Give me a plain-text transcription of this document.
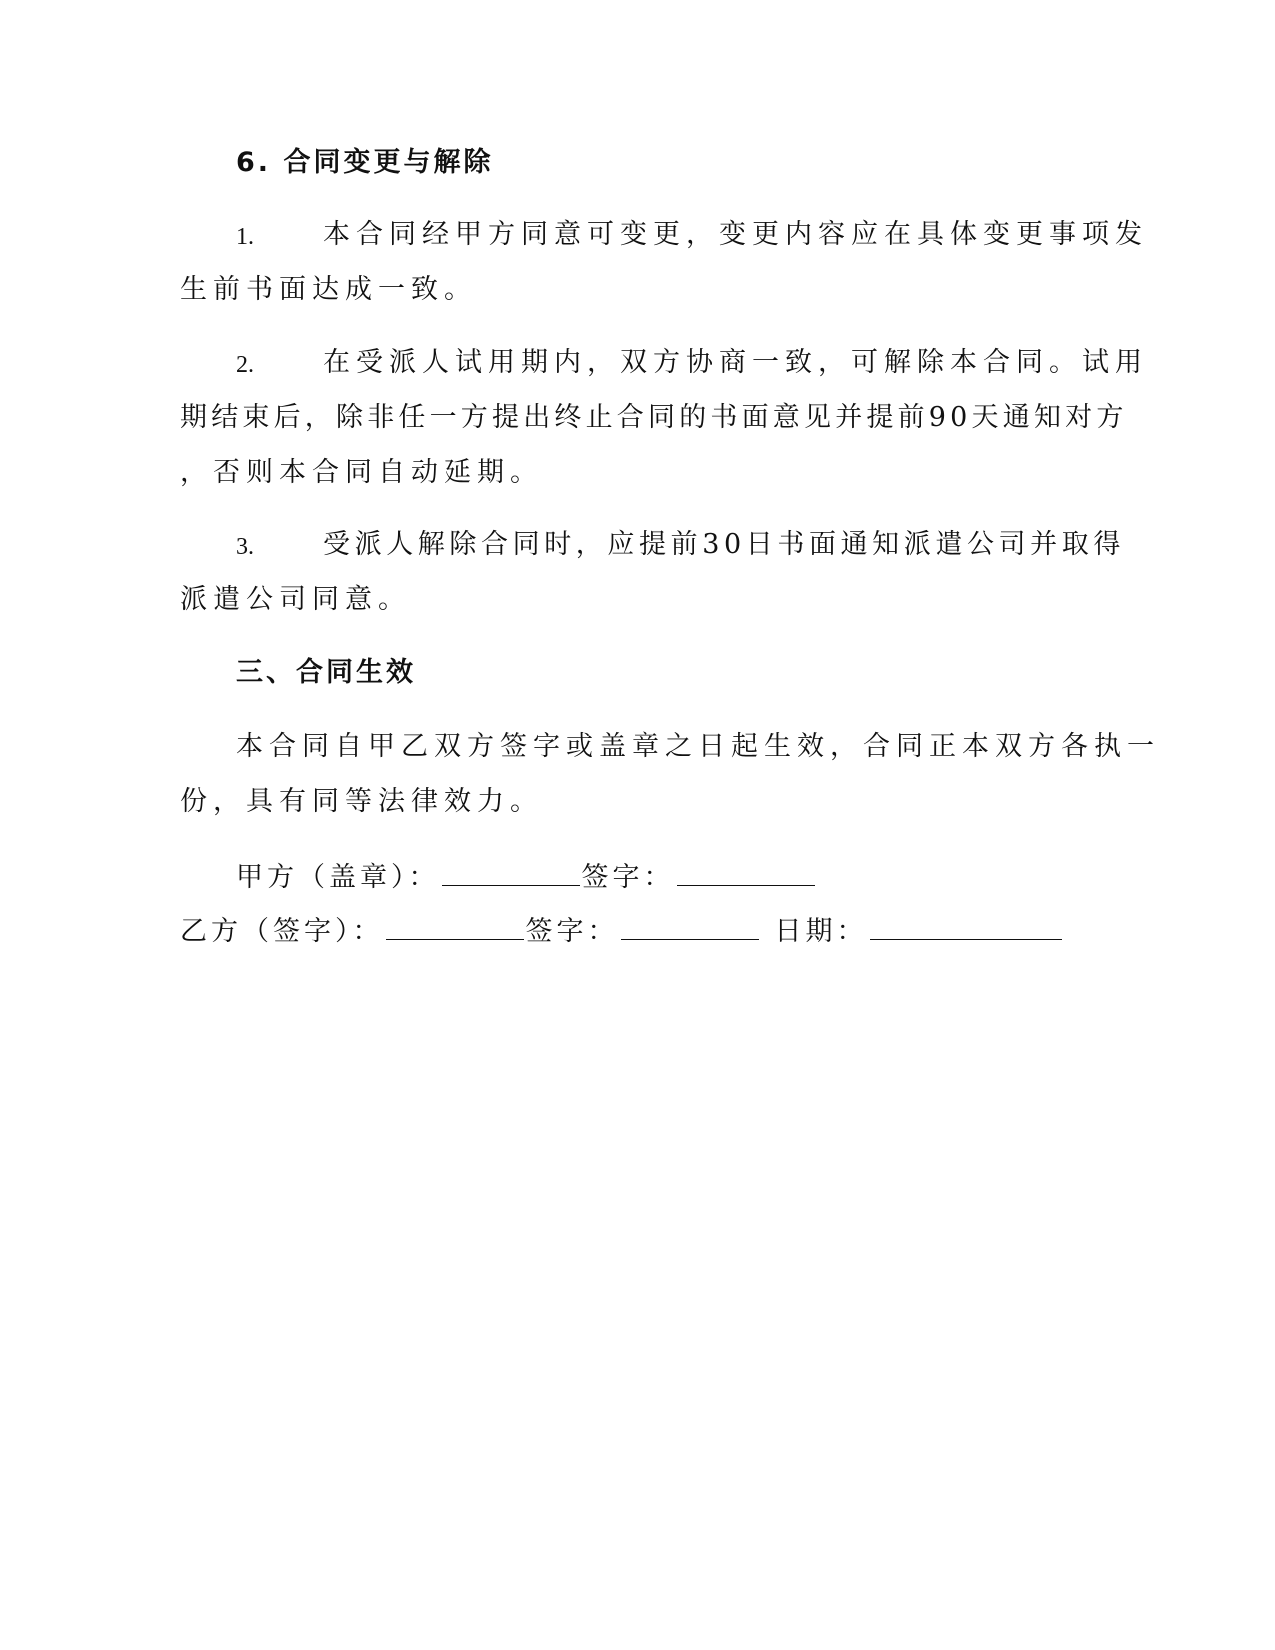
6. 合同变更与解除
1.	本合同经甲方同意可变更，变更内容应在具体变更事项发
生前书面达成一致。
2.	在受派人试用期内，双方协商一致，可解除本合同。试用
期结束后，除非任一方提出终止合同的书面意见并提前90天通知对方
，否则本合同自动延期。
3.	受派人解除合同时，应提前30日书面通知派遣公司并取得
派遣公司同意。
三、合同生效
本合同自甲乙双方签字或盖章之日起生效，合同正本双方各执一
份，具有同等法律效力。
甲方（盖章）：	签字：
乙方（签字）：	签字：	日期：
